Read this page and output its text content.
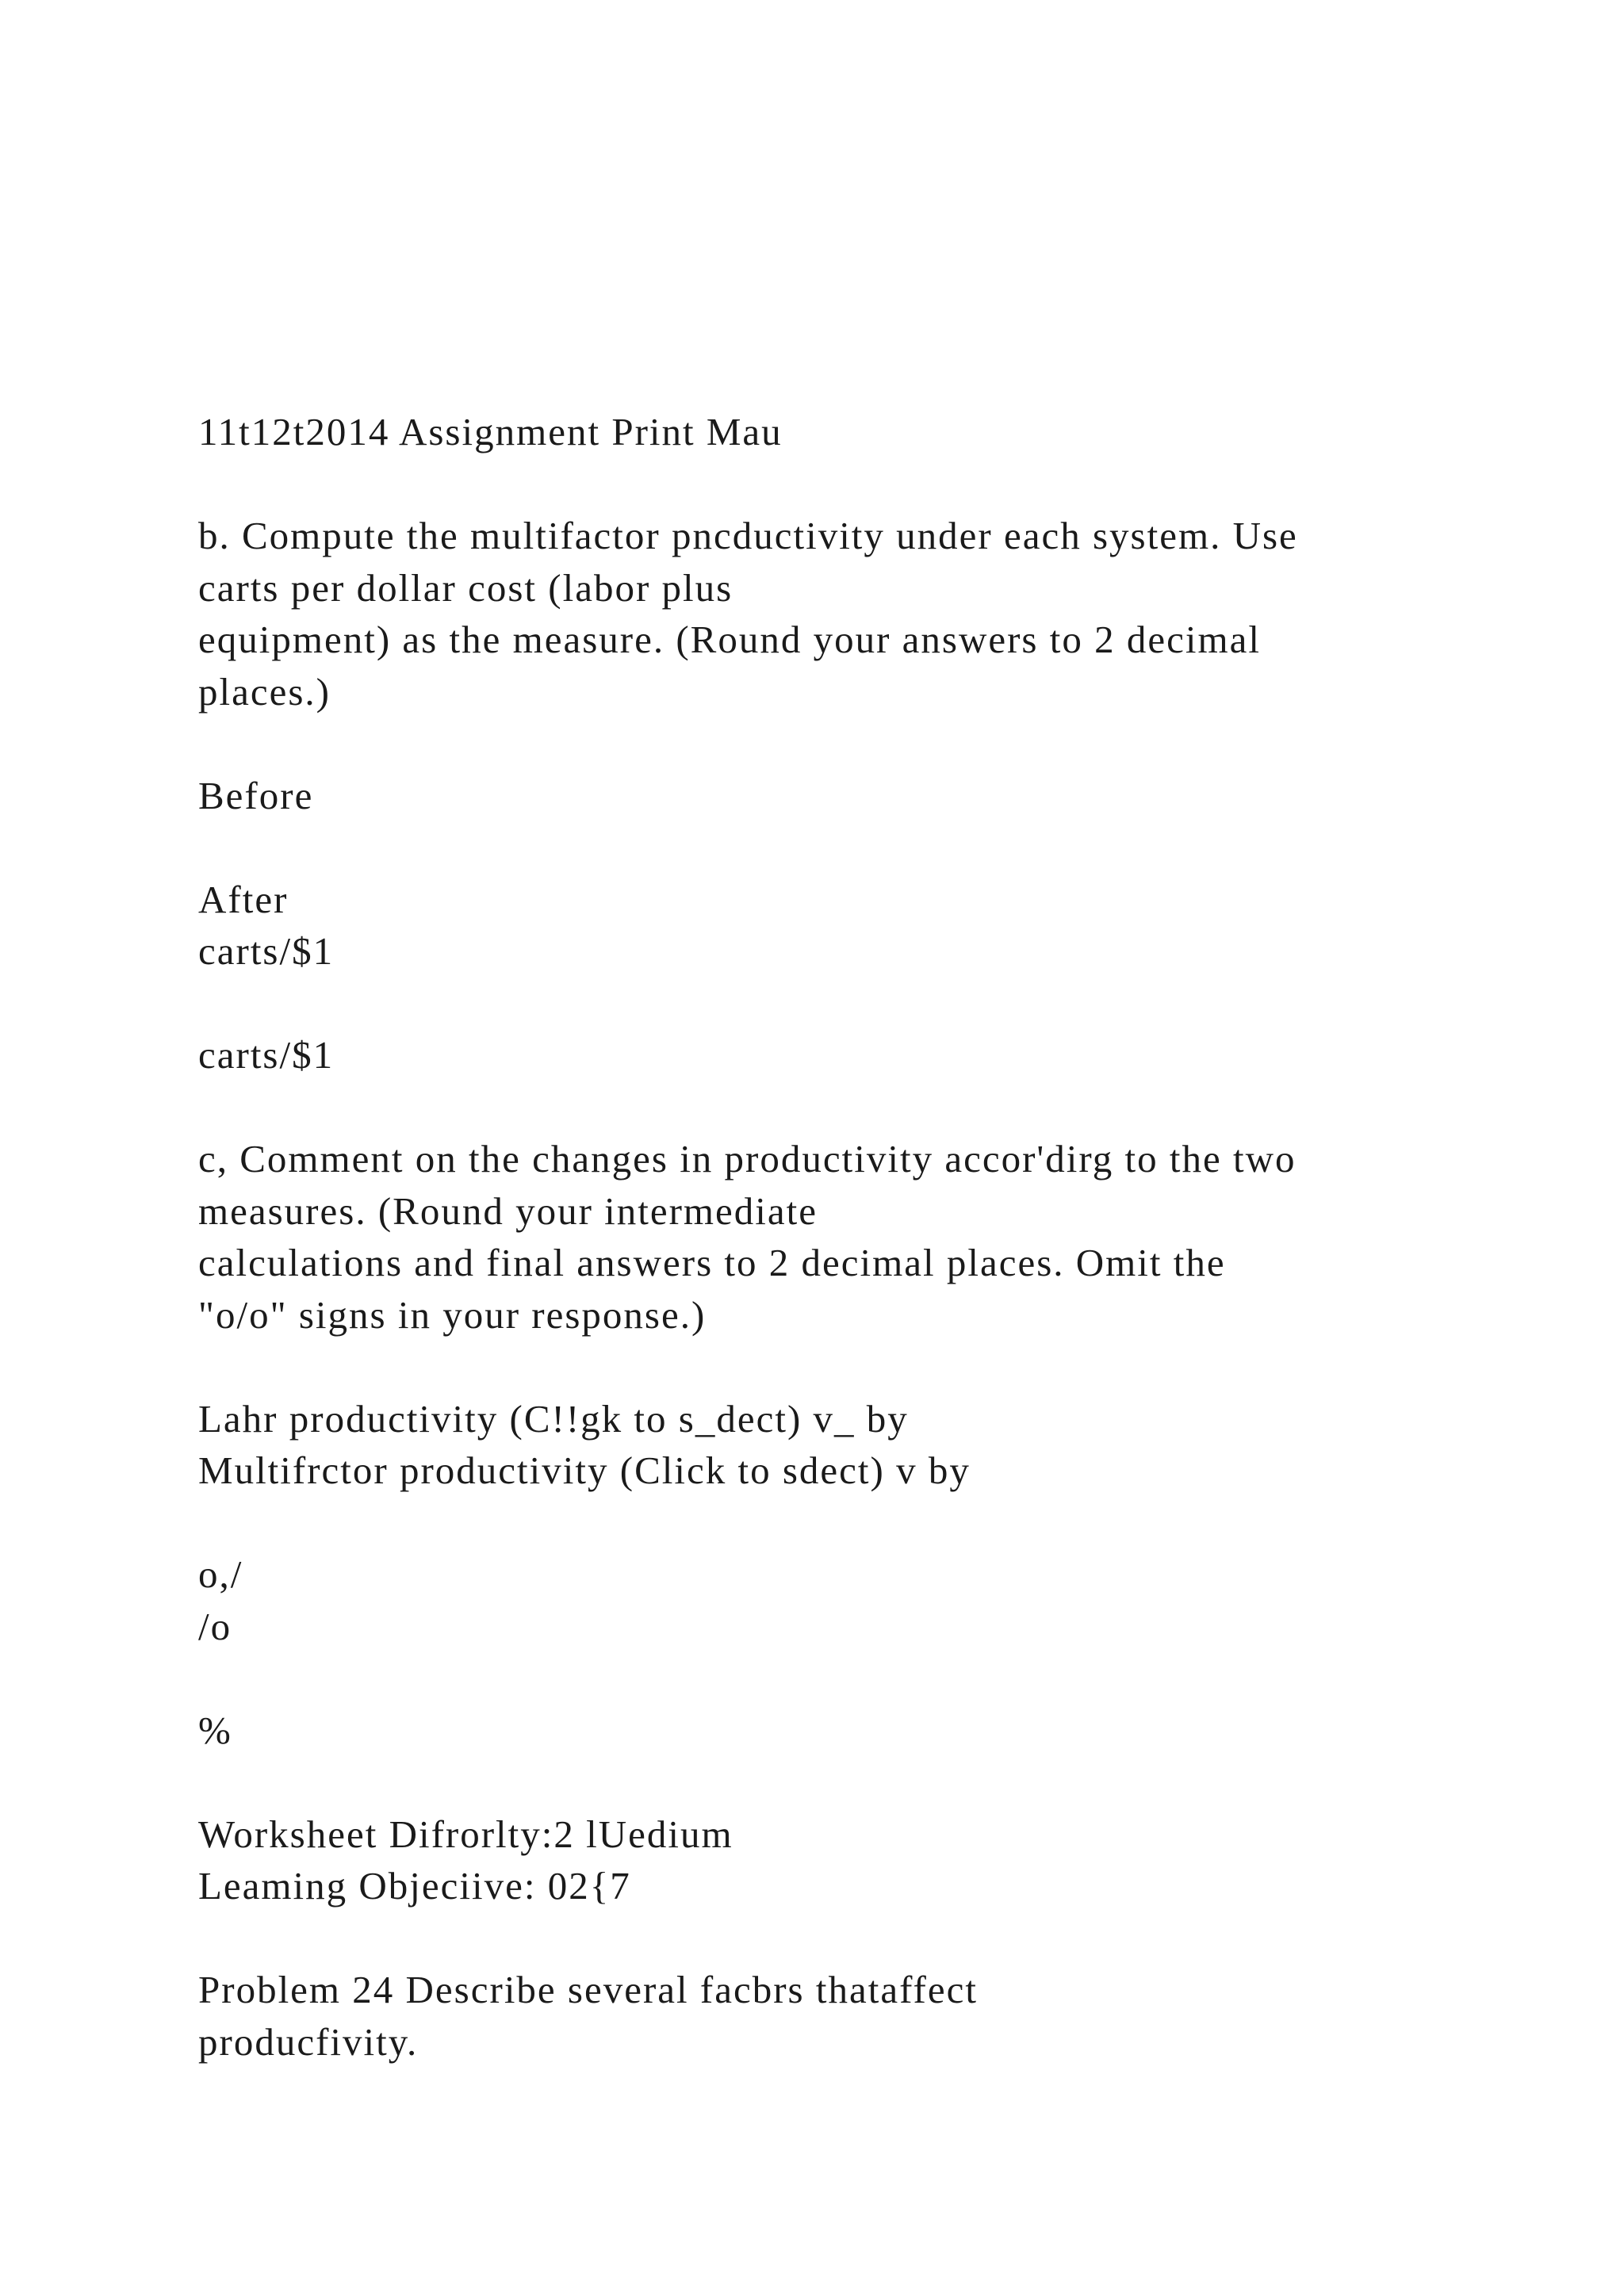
11t12t2014 Assignment Print Mau
b. Compute the multifactor pncductivity under each system. Use
carts per dollar cost (labor plus
equipment) as the measure. (Round your answers to 2 decimal
places.)
Before
After
carts/$1
carts/$1
c, Comment on the changes in productivity accor'dirg to the two
measures. (Round your intermediate
calculations and final answers to 2 decimal places. Omit the
"o/o" signs in your response.)
Lahr productivity (C!!gk to s_dect) v_ by
Multifrctor productivity (Click to sdect) v by
o,/
/o
%
Worksheet Difrorlty:2 lUedium
Leaming Objeciive: 02{7
Problem 24 Describe several facbrs thataffect
producfivity.
